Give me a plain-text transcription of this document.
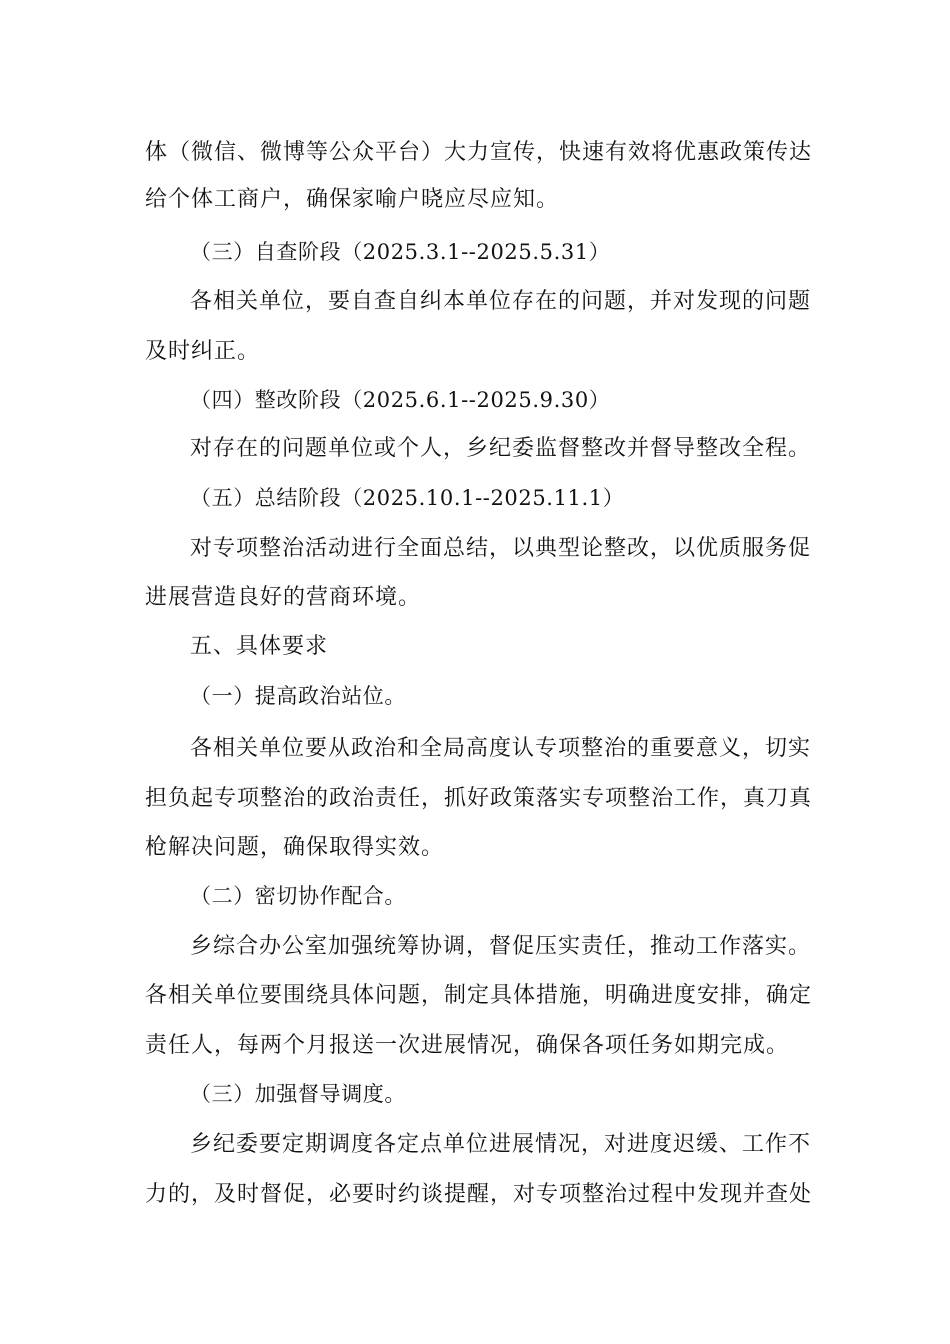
体（微信、微博等公众平台）大力宣传，快速有效将优惠政策传达
给个体工商户，确保家喻户晓应尽应知。
（三）自查阶段（2025.3.1--2025.5.31）
各相关单位，要自查自纠本单位存在的问题，并对发现的问题
及时纠正。
（四）整改阶段（2025.6.1--2025.9.30）
对存在的问题单位或个人，乡纪委监督整改并督导整改全程。
（五）总结阶段（2025.10.1--2025.11.1）
对专项整治活动进行全面总结，以典型论整改，以优质服务促
进展营造良好的营商环境。
五、具体要求
（一）提高政治站位。
各相关单位要从政治和全局高度认专项整治的重要意义，切实
担负起专项整治的政治责任，抓好政策落实专项整治工作，真刀真
枪解决问题，确保取得实效。
（二）密切协作配合。
乡综合办公室加强统筹协调，督促压实责任，推动工作落实。
各相关单位要围绕具体问题，制定具体措施，明确进度安排，确定
责任人，每两个月报送一次进展情况，确保各项任务如期完成。
（三）加强督导调度。
乡纪委要定期调度各定点单位进展情况，对进度迟缓、工作不
力的，及时督促，必要时约谈提醒，对专项整治过程中发现并查处
